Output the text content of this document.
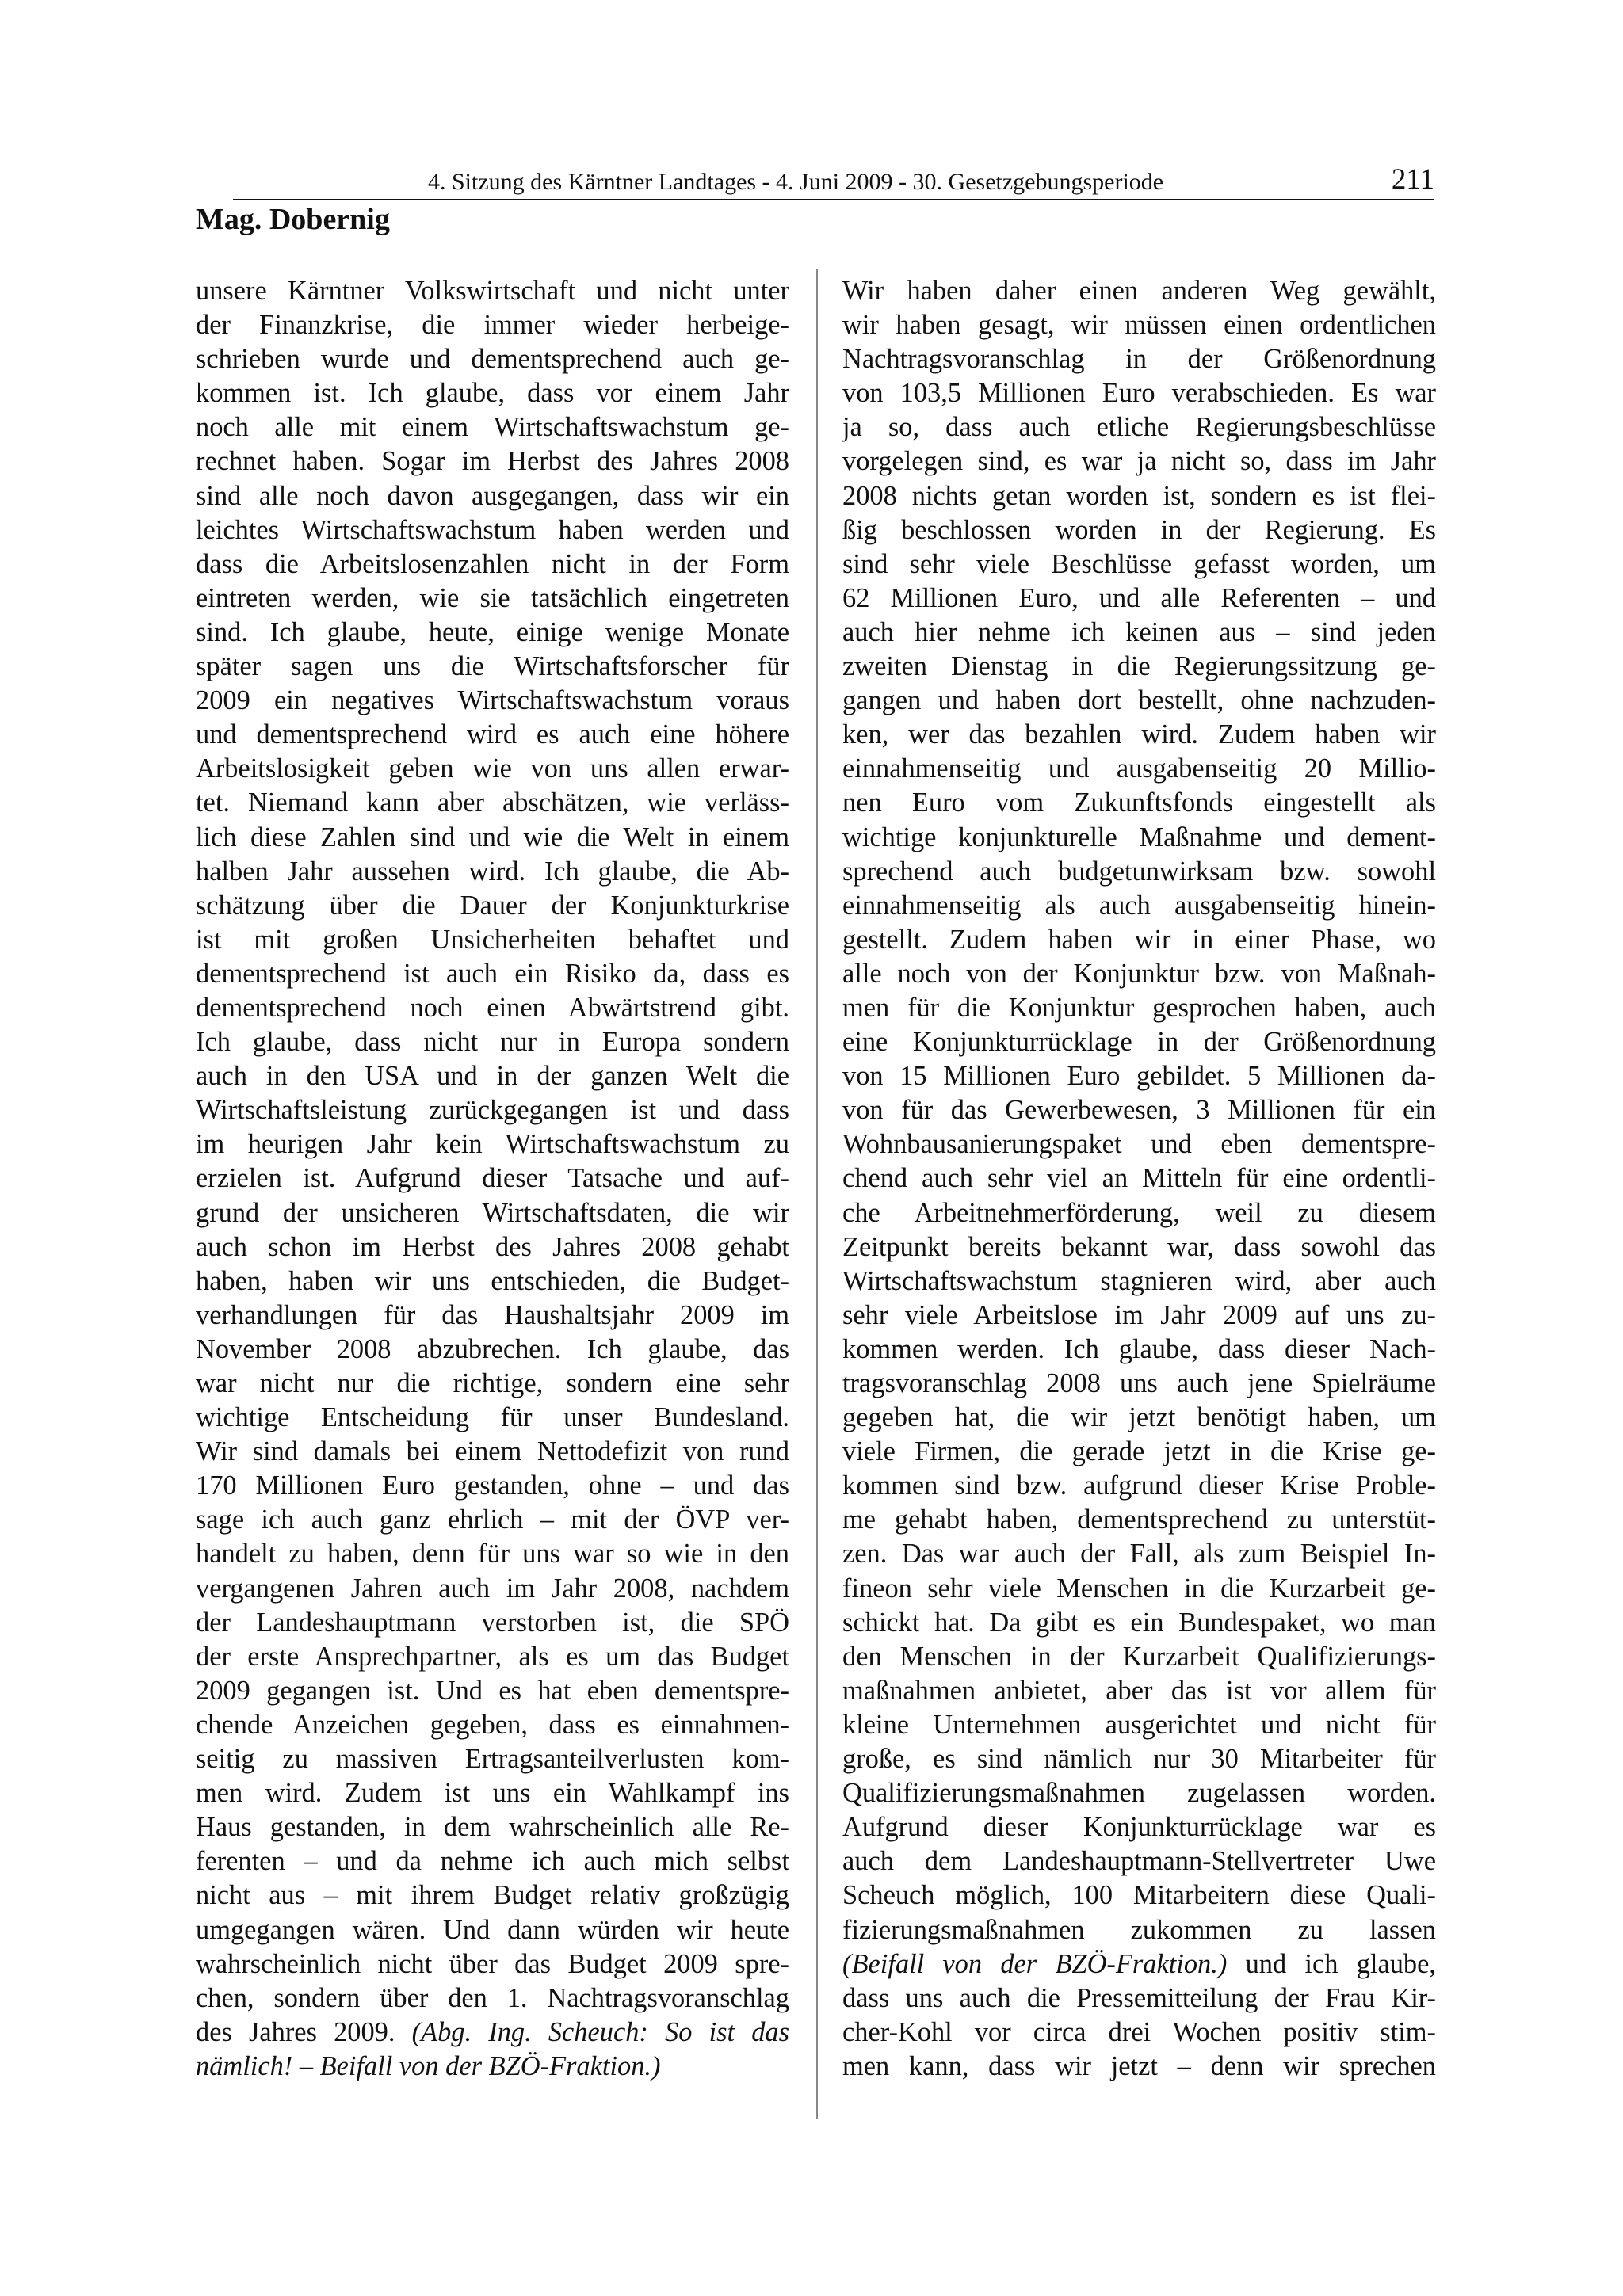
4. Sitzung des Kärntner Landtages - 4. Juni 2009 - 30. Gesetzgebungsperiode	211
Mag. Dobernig
unsere Kärntner Volkswirtschaft und nicht unter
der Finanzkrise, die immer wieder herbeige-
schrieben wurde und dementsprechend auch ge-
kommen ist. Ich glaube, dass vor einem Jahr
noch alle mit einem Wirtschaftswachstum ge-
rechnet haben. Sogar im Herbst des Jahres 2008
sind alle noch davon ausgegangen, dass wir ein
leichtes Wirtschaftswachstum haben werden und
dass die Arbeitslosenzahlen nicht in der Form
eintreten werden, wie sie tatsächlich eingetreten
sind. Ich glaube, heute, einige wenige Monate
später sagen uns die Wirtschaftsforscher für
2009 ein negatives Wirtschaftswachstum voraus
und dementsprechend wird es auch eine höhere
Arbeitslosigkeit geben wie von uns allen erwar-
tet. Niemand kann aber abschätzen, wie verläss-
lich diese Zahlen sind und wie die Welt in einem
halben Jahr aussehen wird. Ich glaube, die Ab-
schätzung über die Dauer der Konjunkturkrise
ist mit großen Unsicherheiten behaftet und
dementsprechend ist auch ein Risiko da, dass es
dementsprechend noch einen Abwärtstrend gibt.
Ich glaube, dass nicht nur in Europa sondern
auch in den USA und in der ganzen Welt die
Wirtschaftsleistung zurückgegangen ist und dass
im heurigen Jahr kein Wirtschaftswachstum zu
erzielen ist. Aufgrund dieser Tatsache und auf-
grund der unsicheren Wirtschaftsdaten, die wir
auch schon im Herbst des Jahres 2008 gehabt
haben, haben wir uns entschieden, die Budget-
verhandlungen für das Haushaltsjahr 2009 im
November 2008 abzubrechen. Ich glaube, das
war nicht nur die richtige, sondern eine sehr
wichtige Entscheidung für unser Bundesland.
Wir sind damals bei einem Nettodefizit von rund
170 Millionen Euro gestanden, ohne – und das
sage ich auch ganz ehrlich – mit der ÖVP ver-
handelt zu haben, denn für uns war so wie in den
vergangenen Jahren auch im Jahr 2008, nachdem
der Landeshauptmann verstorben ist, die SPÖ
der erste Ansprechpartner, als es um das Budget
2009 gegangen ist. Und es hat eben dementspre-
chende Anzeichen gegeben, dass es einnahmen-
seitig zu massiven Ertragsanteilverlusten kom-
men wird. Zudem ist uns ein Wahlkampf ins
Haus gestanden, in dem wahrscheinlich alle Re-
ferenten – und da nehme ich auch mich selbst
nicht aus – mit ihrem Budget relativ großzügig
umgegangen wären. Und dann würden wir heute
wahrscheinlich nicht über das Budget 2009 spre-
chen, sondern über den 1. Nachtragsvoranschlag
des Jahres 2009. (Abg. Ing. Scheuch: So ist das
nämlich! – Beifall von der BZÖ-Fraktion.)
Wir haben daher einen anderen Weg gewählt,
wir haben gesagt, wir müssen einen ordentlichen
Nachtragsvoranschlag in der Größenordnung
von 103,5 Millionen Euro verabschieden. Es war
ja so, dass auch etliche Regierungsbeschlüsse
vorgelegen sind, es war ja nicht so, dass im Jahr
2008 nichts getan worden ist, sondern es ist flei-
ßig beschlossen worden in der Regierung. Es
sind sehr viele Beschlüsse gefasst worden, um
62 Millionen Euro, und alle Referenten – und
auch hier nehme ich keinen aus – sind jeden
zweiten Dienstag in die Regierungssitzung ge-
gangen und haben dort bestellt, ohne nachzuden-
ken, wer das bezahlen wird. Zudem haben wir
einnahmenseitig und ausgabenseitig 20 Millio-
nen Euro vom Zukunftsfonds eingestellt als
wichtige konjunkturelle Maßnahme und dement-
sprechend auch budgetunwirksam bzw. sowohl
einnahmenseitig als auch ausgabenseitig hinein-
gestellt. Zudem haben wir in einer Phase, wo
alle noch von der Konjunktur bzw. von Maßnah-
men für die Konjunktur gesprochen haben, auch
eine Konjunkturrücklage in der Größenordnung
von 15 Millionen Euro gebildet. 5 Millionen da-
von für das Gewerbewesen, 3 Millionen für ein
Wohnbausanierungspaket und eben dementspre-
chend auch sehr viel an Mitteln für eine ordentli-
che Arbeitnehmerförderung, weil zu diesem
Zeitpunkt bereits bekannt war, dass sowohl das
Wirtschaftswachstum stagnieren wird, aber auch
sehr viele Arbeitslose im Jahr 2009 auf uns zu-
kommen werden. Ich glaube, dass dieser Nach-
tragsvoranschlag 2008 uns auch jene Spielräume
gegeben hat, die wir jetzt benötigt haben, um
viele Firmen, die gerade jetzt in die Krise ge-
kommen sind bzw. aufgrund dieser Krise Proble-
me gehabt haben, dementsprechend zu unterstüt-
zen. Das war auch der Fall, als zum Beispiel In-
fineon sehr viele Menschen in die Kurzarbeit ge-
schickt hat. Da gibt es ein Bundespaket, wo man
den Menschen in der Kurzarbeit Qualifizierungs-
maßnahmen anbietet, aber das ist vor allem für
kleine Unternehmen ausgerichtet und nicht für
große, es sind nämlich nur 30 Mitarbeiter für
Qualifizierungsmaßnahmen zugelassen worden.
Aufgrund dieser Konjunkturrücklage war es
auch dem Landeshauptmann-Stellvertreter Uwe
Scheuch möglich, 100 Mitarbeitern diese Quali-
fizierungsmaßnahmen zukommen zu lassen
(Beifall von der BZÖ-Fraktion.) und ich glaube,
dass uns auch die Pressemitteilung der Frau Kir-
cher-Kohl vor circa drei Wochen positiv stim-
men kann, dass wir jetzt – denn wir sprechen
